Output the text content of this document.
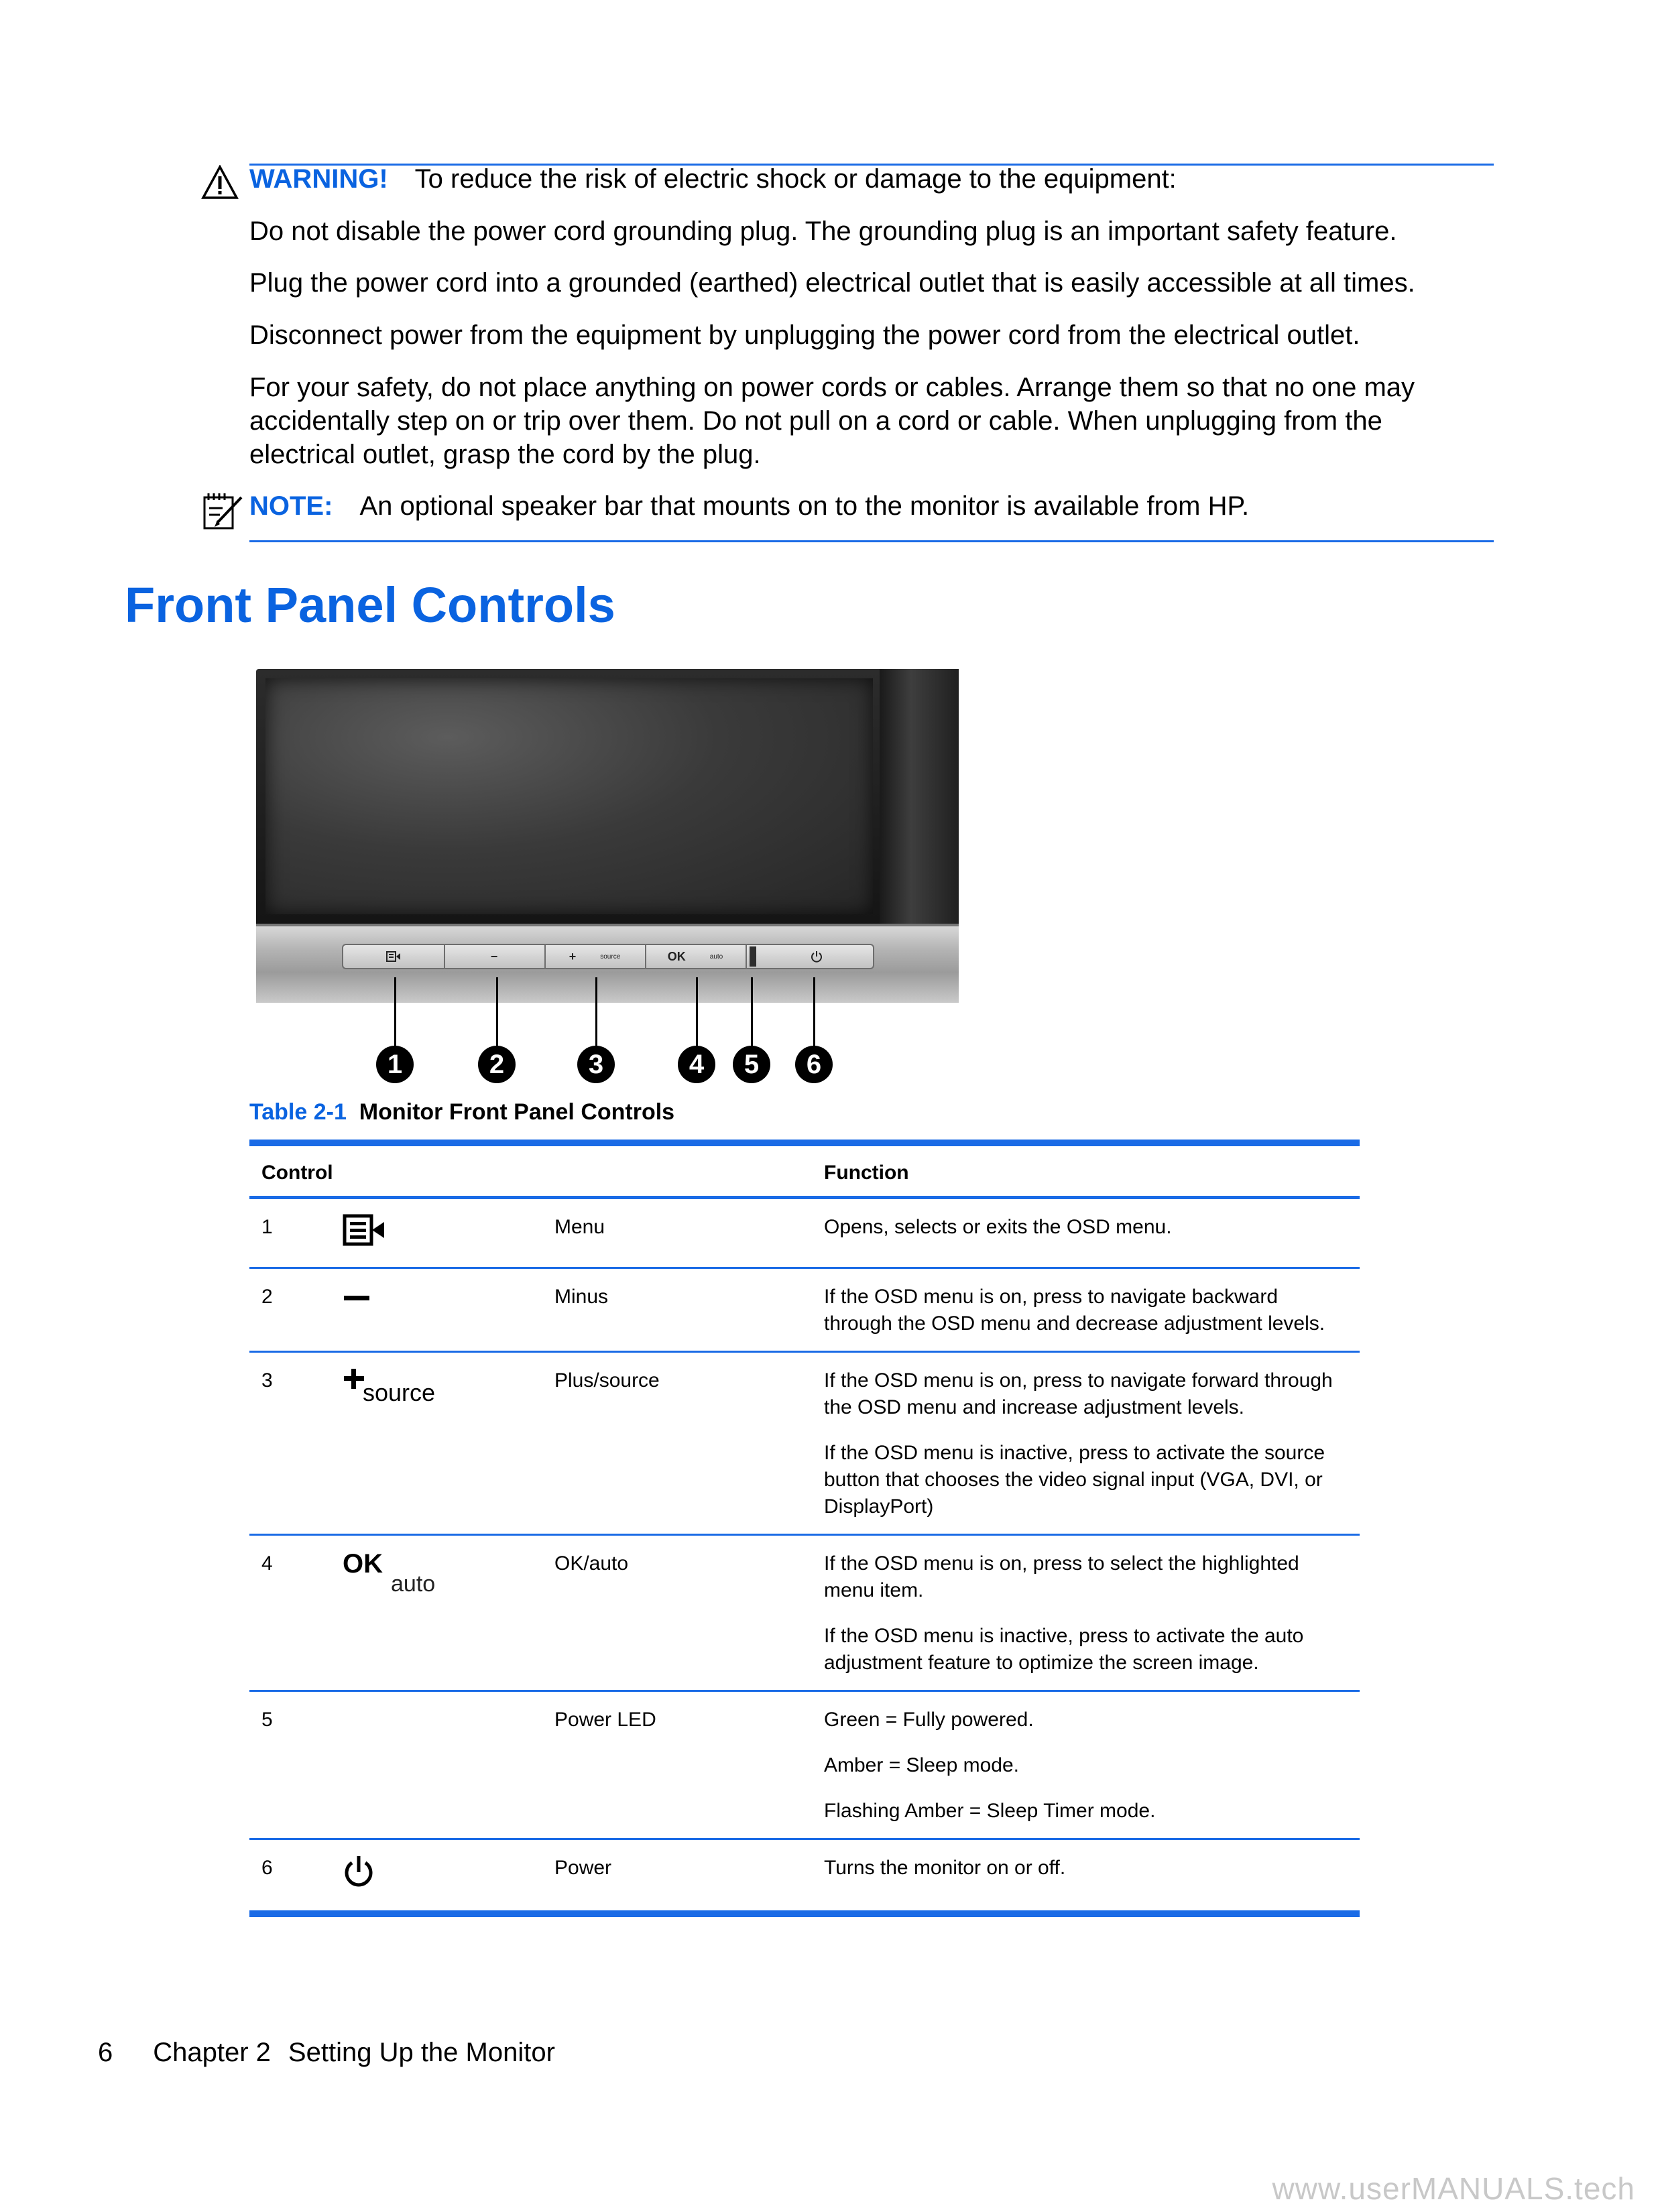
WARNING! To reduce the risk of electric shock or damage to the equipment:
Do not disable the power cord grounding plug. The grounding plug is an important safety feature.
Plug the power cord into a grounded (earthed) electrical outlet that is easily accessible at all times.
Disconnect power from the equipment by unplugging the power cord from the electrical outlet.
For your safety, do not place anything on power cords or cables. Arrange them so that no one may accidentally step on or trip over them. Do not pull on a cord or cable. When unplugging from the electrical outlet, grasp the cord by the plug.
NOTE: An optional speaker bar that mounts on to the monitor is available from HP.
Front Panel Controls
−	+	source	OK	auto
1	2	3	4	5	6
Table 2-1 Monitor Front Panel Controls
Control			Function
1		Menu	Opens, selects or exits the OSD menu.

2		Minus	If the OSD menu is on, press to navigate backward through the OSD menu and decrease adjustment levels.

3	source	Plus/source	If the OSD menu is on, press to navigate forward through the OSD menu and increase adjustment levels.

If the OSD menu is inactive, press to activate the source button that chooses the video signal input (VGA, DVI, or DisplayPort)

4	OKauto	OK/auto	If the OSD menu is on, press to select the highlighted menu item.

If the OSD menu is inactive, press to activate the auto adjustment feature to optimize the screen image.

5		Power LED	Green = Fully powered.

Amber = Sleep mode.

Flashing Amber = Sleep Timer mode.

6		Power	Turns the monitor on or off.

6 Chapter 2 Setting Up the Monitor
www.userMANUALS.tech
